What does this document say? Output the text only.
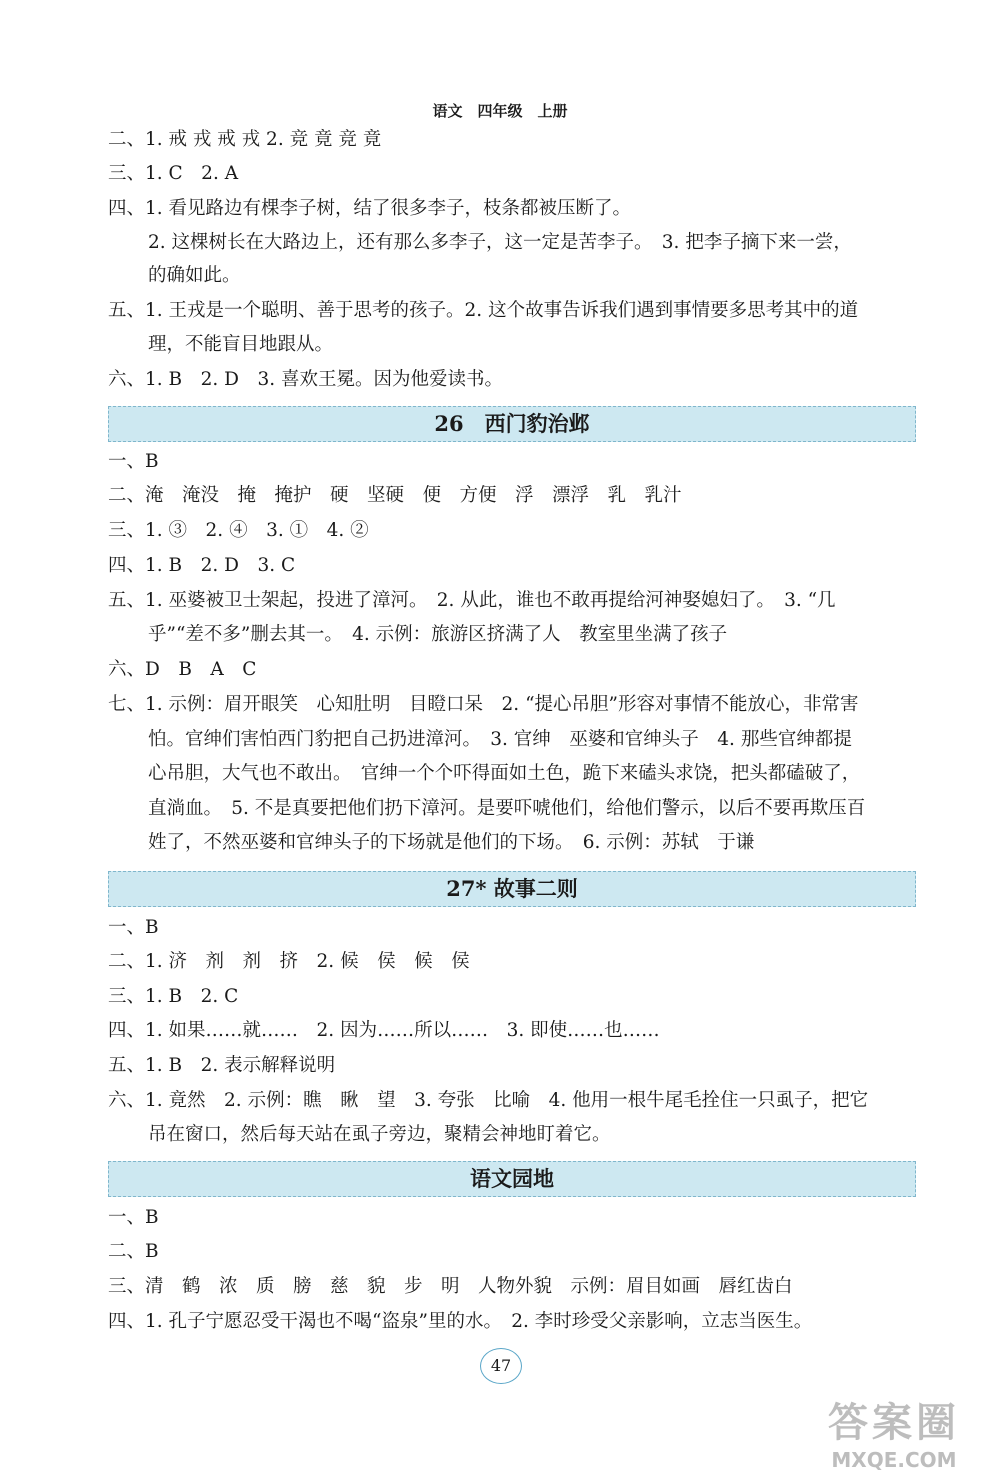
语文　四年级　上册
二、1. 戒 戎 戒 戎 2. 竞 竟 竞 竟
三、1. C　2. A
四、1. 看见路边有棵李子树，结了很多李子，枝条都被压断了。
2. 这棵树长在大路边上，还有那么多李子，这一定是苦李子。　3. 把李子摘下来一尝，
的确如此。
五、1. 王戎是一个聪明、善于思考的孩子。2. 这个故事告诉我们遇到事情要多思考其中的道
理，不能盲目地跟从。
六、1. B　2. D　3. 喜欢王冕。因为他爱读书。
26　西门豹治邺
一、B
二、淹　淹没　掩　掩护　硬　坚硬　便　方便　浮　漂浮　乳　乳汁
三、1. ③　2. ④　3. ①　4. ②
四、1. B　2. D　3. C
五、1. 巫婆被卫士架起，投进了漳河。　2. 从此，谁也不敢再提给河神娶媳妇了。　3. “几
乎”“差不多”删去其一。　4. 示例：旅游区挤满了人　教室里坐满了孩子
六、D　B　A　C
七、1. 示例：眉开眼笑　心知肚明　目瞪口呆　2. “提心吊胆”形容对事情不能放心，非常害
怕。官绅们害怕西门豹把自己扔进漳河。　3. 官绅　巫婆和官绅头子　4. 那些官绅都提
心吊胆，大气也不敢出。　官绅一个个吓得面如土色，跪下来磕头求饶，把头都磕破了，
直淌血。　5. 不是真要把他们扔下漳河。是要吓唬他们，给他们警示，以后不要再欺压百
姓了，不然巫婆和官绅头子的下场就是他们的下场。　6. 示例：苏轼　于谦
27* 故事二则
一、B
二、1. 济　剂　剂　挤　2. 候　侯　候　侯
三、1. B　2. C
四、1. 如果……就……　2. 因为……所以……　3. 即使……也……
五、1. B　2. 表示解释说明
六、1. 竟然　2. 示例：瞧　瞅　望　3. 夸张　比喻　4. 他用一根牛尾毛拴住一只虱子，把它
吊在窗口，然后每天站在虱子旁边，聚精会神地盯着它。
语文园地
一、B
二、B
三、清　鹤　浓　质　膀　慈　貌　步　明　人物外貌　示例：眉目如画　唇红齿白
四、1. 孔子宁愿忍受干渴也不喝“盗泉”里的水。　2. 李时珍受父亲影响，立志当医生。
47
答案圈
MXQE.COM
